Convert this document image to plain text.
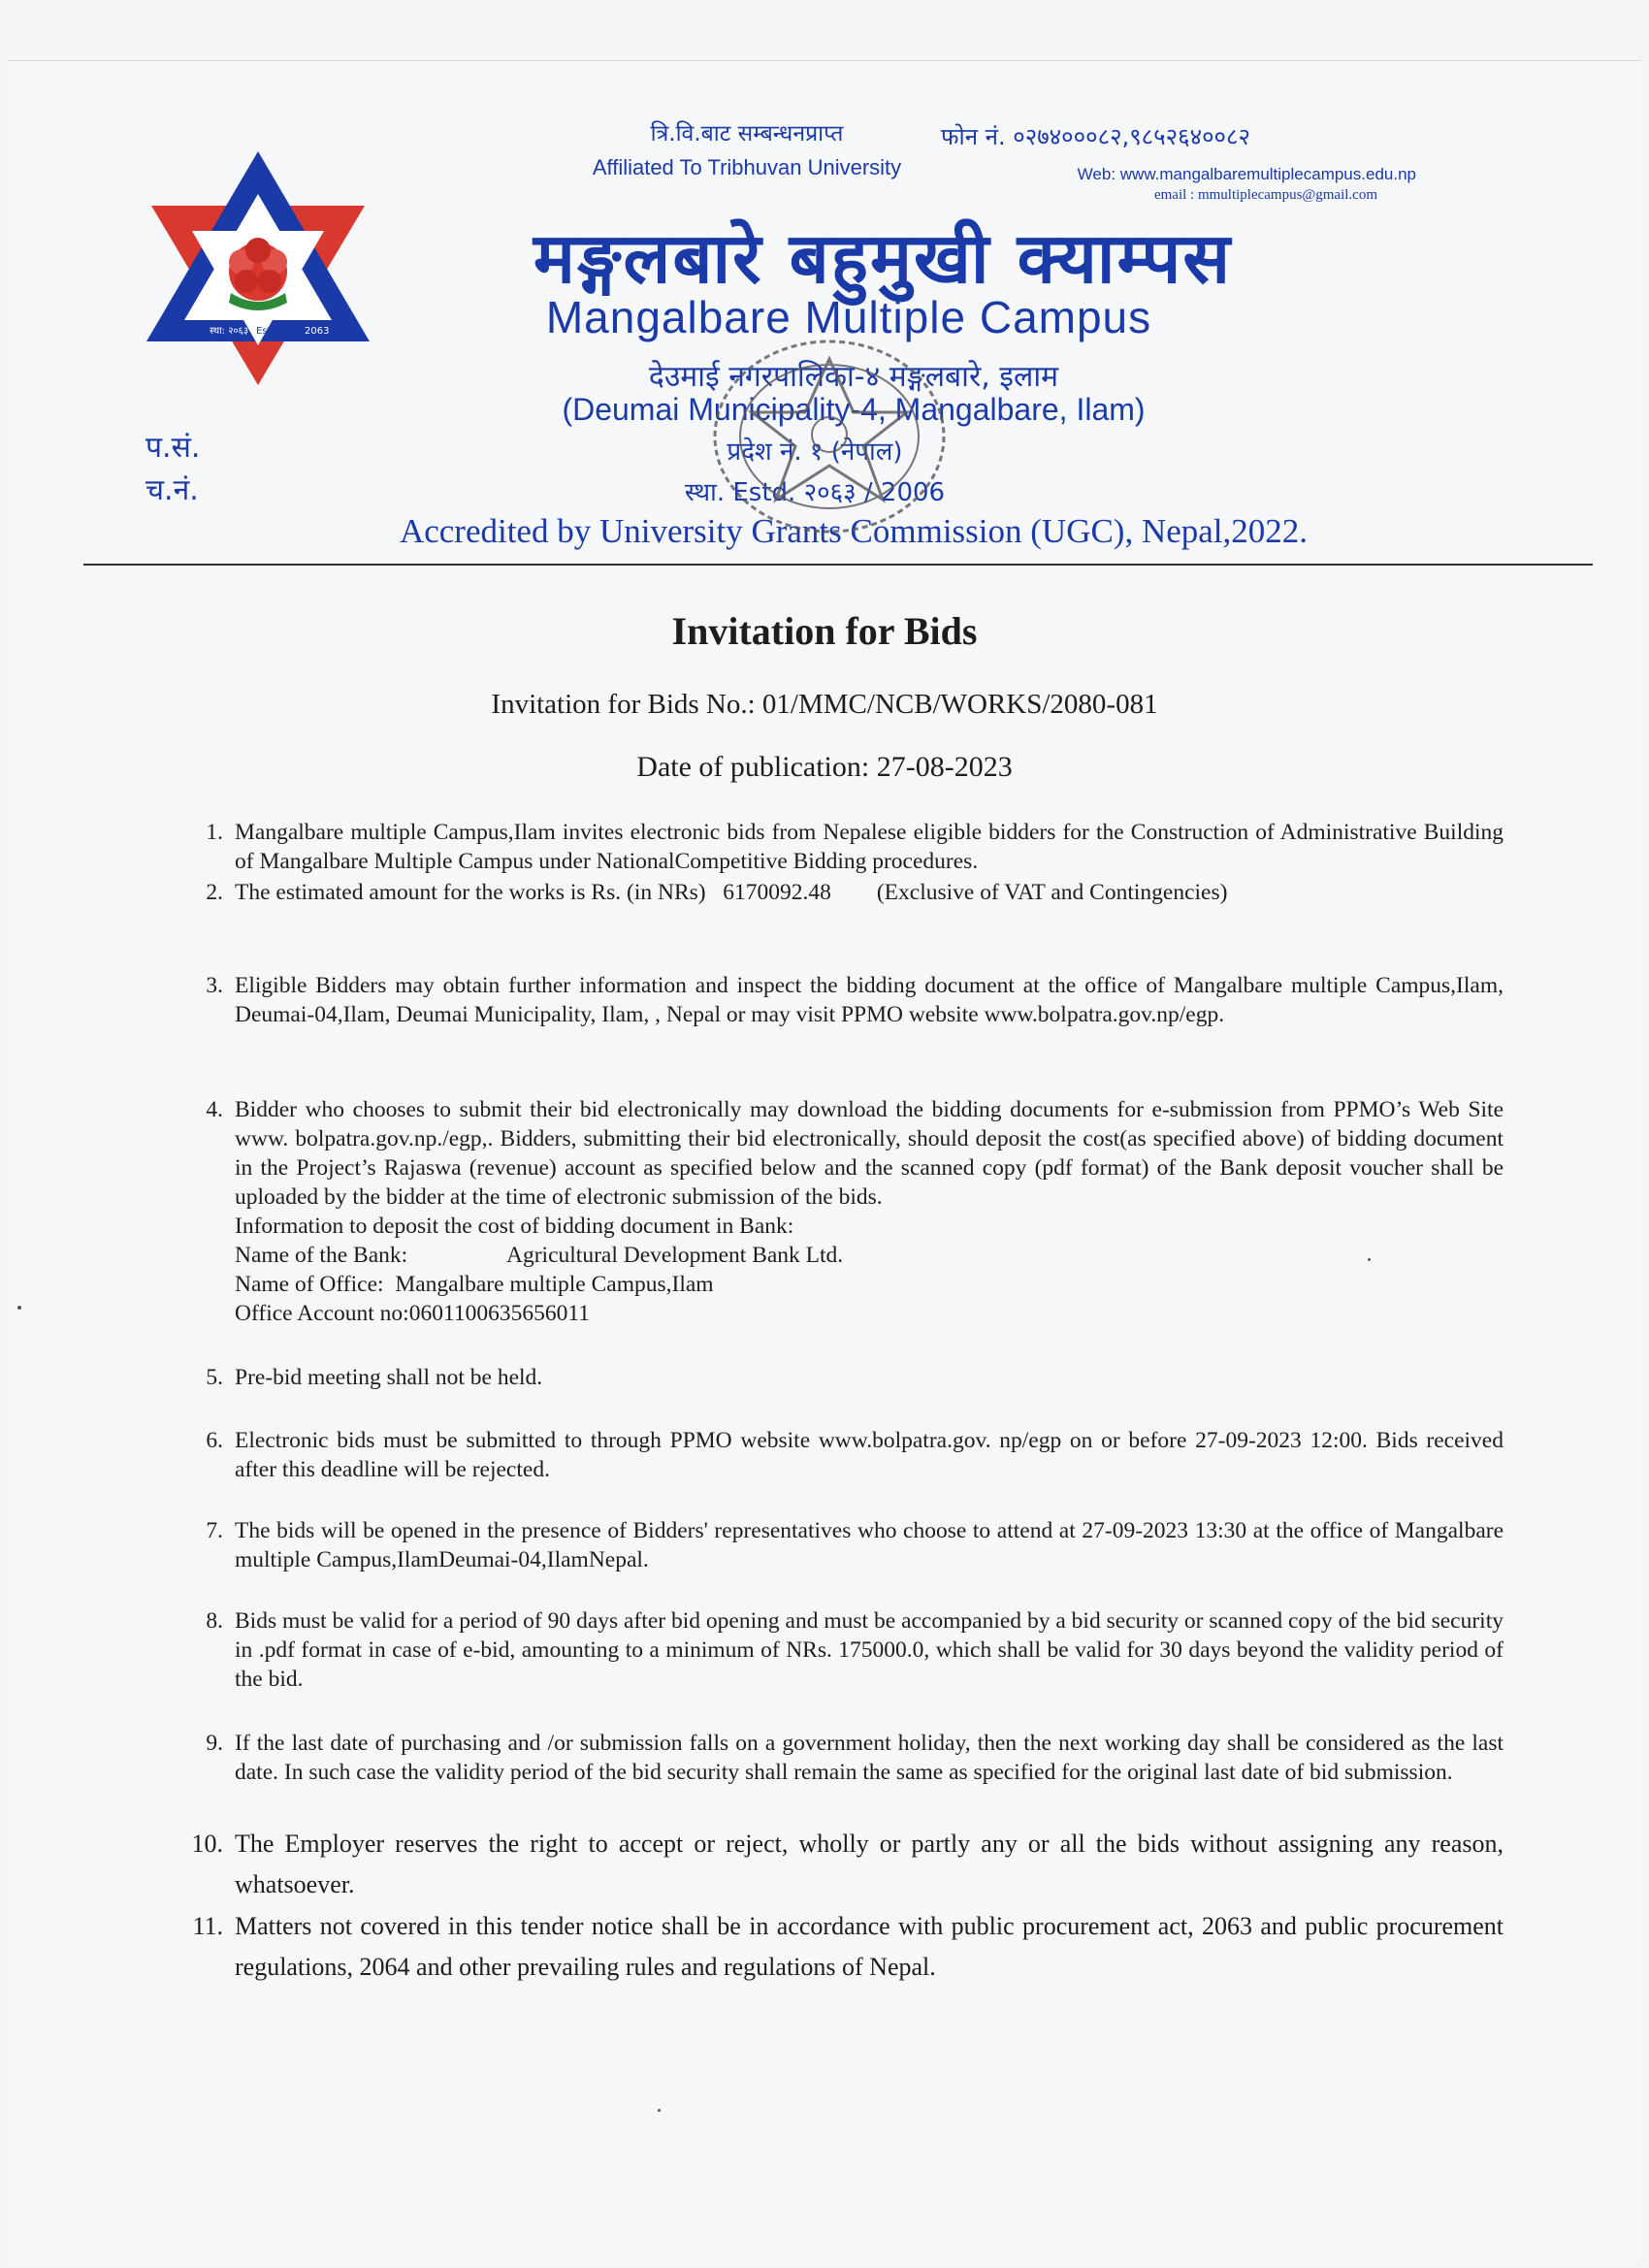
स्था: २०६३ Estd.	2063
त्रि.वि.बाट सम्बन्धनप्राप्त
Affiliated To Tribhuvan University
फोन नं. ०२७४०००८२,९८५२६४००८२
Web: www.mangalbaremultiplecampus.edu.np
email : mmultiplecampus@gmail.com
मङ्गलबारे बहुमुखी क्याम्पस
Mangalbare Multiple Campus
देउमाई नगरपालिका-४ मङ्गलबारे, इलाम
(Deumai Municipality-4, Mangalbare, Ilam)
प्रदेश नं. १ (नेपाल)
स्था. Estd. २०६३ / 2006
Accredited by University Grants Commission (UGC), Nepal,2022.
प.सं.
च.नं.
Invitation for Bids
Invitation for Bids No.: 01/MMC/NCB/WORKS/2080-081
Date of publication: 27-08-2023
1. Mangalbare multiple Campus,Ilam invites electronic bids from Nepalese eligible bidders for the Construction of Administrative Building of Mangalbare Multiple Campus under NationalCompetitive Bidding procedures.
2. The estimated amount for the works is Rs. (in NRs)   6170092.48        (Exclusive of VAT and Contingencies)
3. Eligible Bidders may obtain further information and inspect the bidding document at the office of Mangalbare multiple Campus,Ilam, Deumai-04,Ilam, Deumai Municipality, Ilam, , Nepal or may visit PPMO website www.bolpatra.gov.np/egp.
4. Bidder who chooses to submit their bid electronically may download the bidding documents for e-submission from PPMO’s Web Site www. bolpatra.gov.np./egp,. Bidders, submitting their bid electronically, should deposit the cost(as specified above) of bidding document in the Project’s Rajaswa (revenue) account as specified below and the scanned copy (pdf format) of the Bank deposit voucher shall be uploaded by the bidder at the time of electronic submission of the bids.
Information to deposit the cost of bidding document in Bank:
Name of the Bank:	Agricultural Development Bank Ltd.
Name of Office: Mangalbare multiple Campus,Ilam
Office Account no:0601100635656011
5. Pre-bid meeting shall not be held.
6. Electronic bids must be submitted to through PPMO website www.bolpatra.gov. np/egp on or before 27-09-2023 12:00. Bids received after this deadline will be rejected.
7. The bids will be opened in the presence of Bidders' representatives who choose to attend at 27-09-2023 13:30 at the office of Mangalbare multiple Campus,IlamDeumai-04,IlamNepal.
8. Bids must be valid for a period of 90 days after bid opening and must be accompanied by a bid security or scanned copy of the bid security in .pdf format in case of e-bid, amounting to a minimum of NRs. 175000.0, which shall be valid for 30 days beyond the validity period of the bid.
9. If the last date of purchasing and /or submission falls on a government holiday, then the next working day shall be considered as the last date. In such case the validity period of the bid security shall remain the same as specified for the original last date of bid submission.
10. The Employer reserves the right to accept or reject, wholly or partly any or all the bids without assigning any reason, whatsoever.
11. Matters not covered in this tender notice shall be in accordance with public procurement act, 2063 and public procurement regulations, 2064 and other prevailing rules and regulations of Nepal.
